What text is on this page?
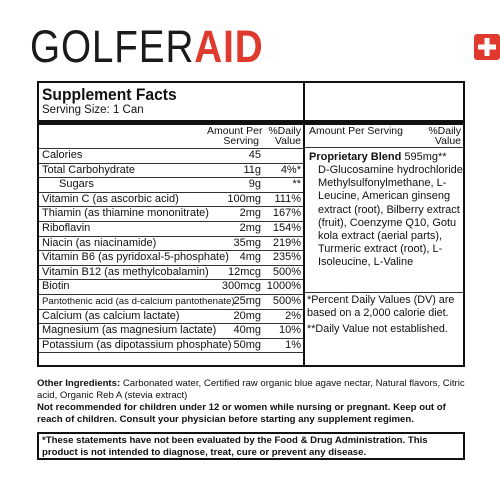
GOLFERAID
Supplement Facts
Serving Size: 1 Can
Amount Per
Serving
%Daily
Value
Amount Per Serving	%Daily
Value
Calories	45
Total Carbohydrate	11g 4%*
Sugars	9g	**
Vitamin C (as ascorbic acid)	100mg 111%
Thiamin (as thiamine mononitrate)	2mg 167%
Riboflavin	2mg 154%
Niacin (as niacinamide)	35mg 219%
Vitamin B6 (as pyridoxal-5-phosphate) 4mg 235%
Vitamin B12 (as methylcobalamin) 12mcg 500%
Biotin	300mcg 1000%
Pantothenic acid (as d-calcium pantothenate)
25mg 500%
Calcium (as calcium lactate)	20mg 2%
Magnesium (as magnesium lactate) 40mg 10%
Potassium (as dipotassium phosphate) 50mg 1%
Proprietary Blend 595mg**
D-Glucosamine hydrochloride, Methylsulfonylmethane, L-Leucine, American ginseng extract (root), Bilberry extract (fruit), Coenzyme Q10, Gotu kola extract (aerial parts), Turmeric extract (root), L-Isoleucine, L-Valine
*Percent Daily Values (DV) are based on a 2,000 calorie diet.
**Daily Value not established.
Other Ingredients: Carbonated water, Certified raw organic blue agave nectar, Natural flavors, Citric acid, Organic Reb A (stevia extract)
Not recommended for children under 12 or women while nursing or pregnant. Keep out of reach of children. Consult your physician before starting any supplement regimen.
*These statements have not been evaluated by the Food & Drug Administration. This product is not intended to diagnose, treat, cure or prevent any disease.
